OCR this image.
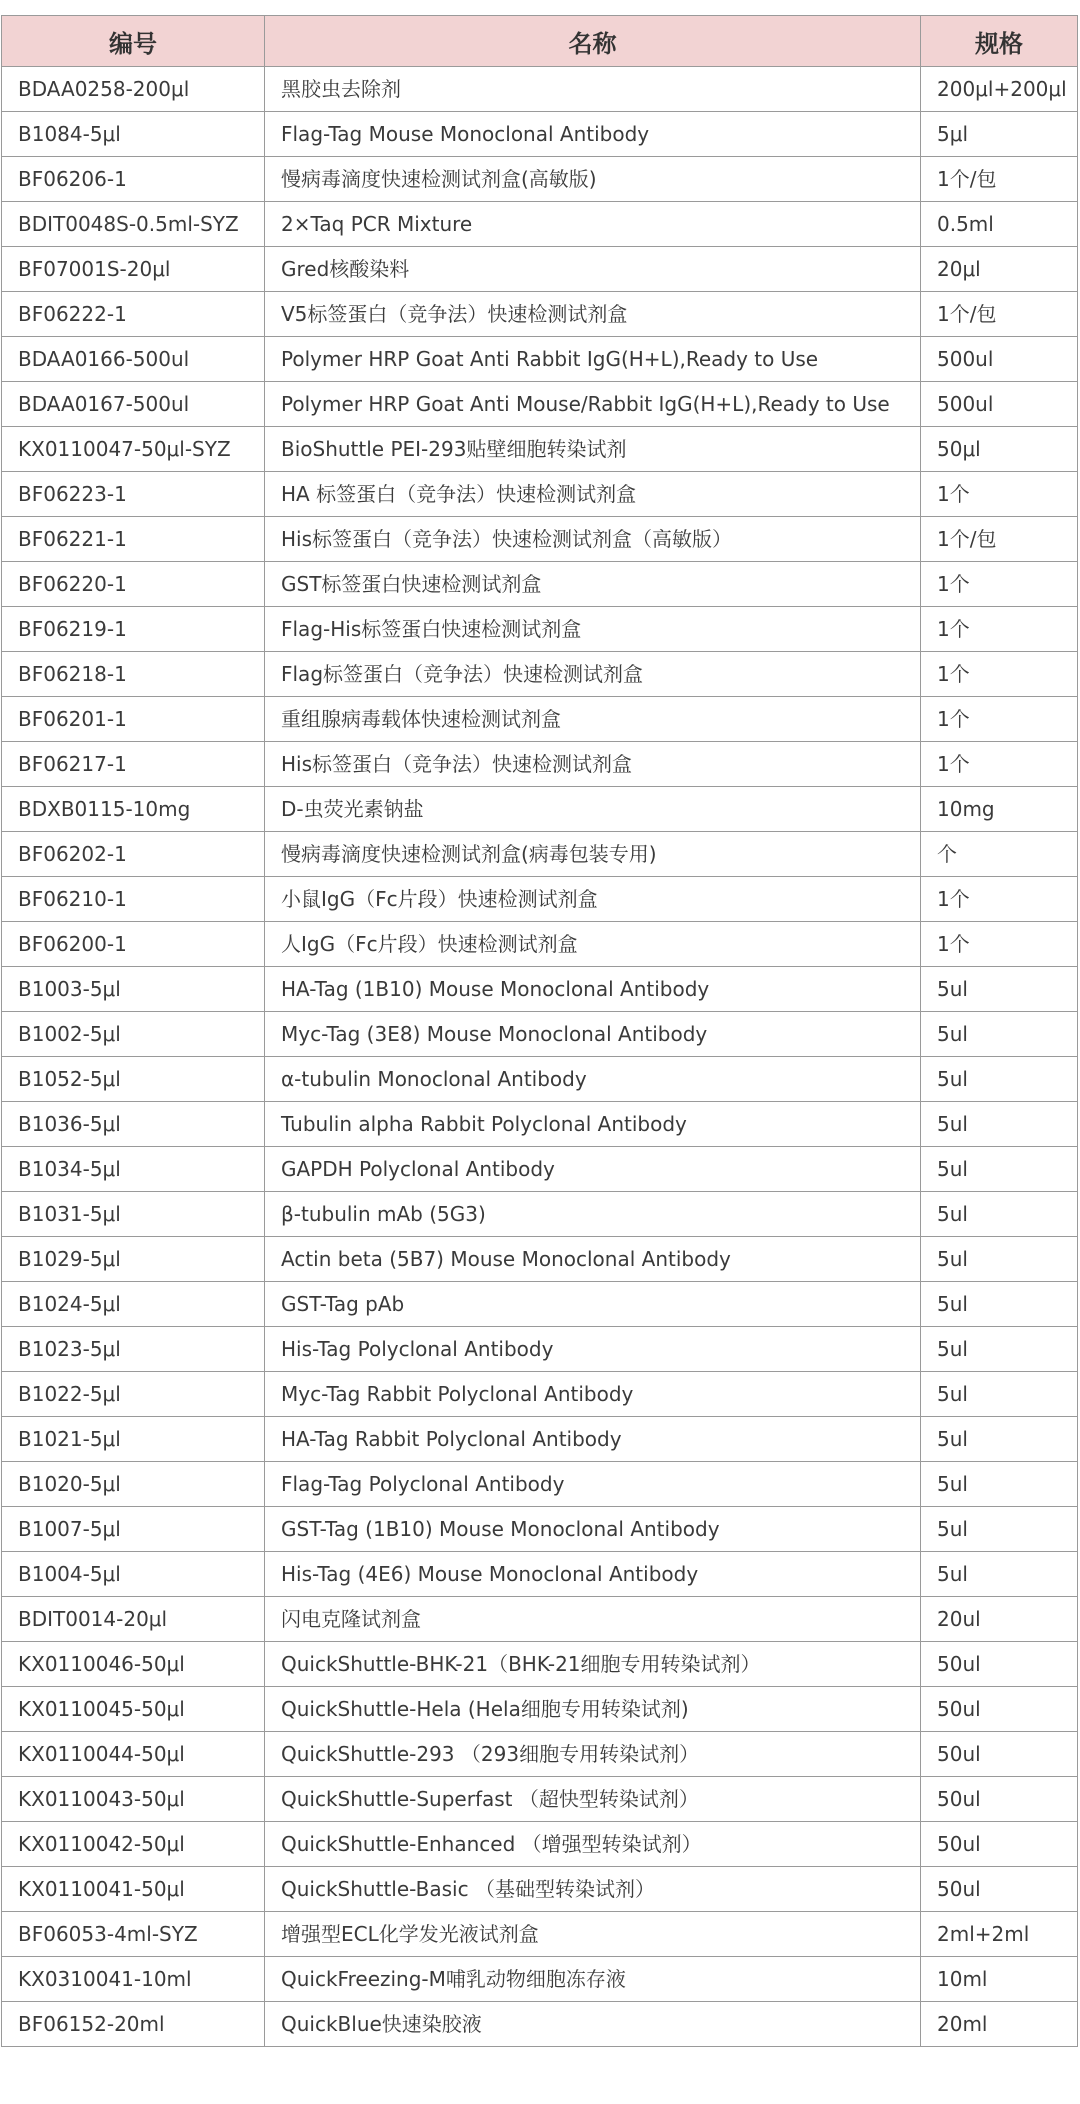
编号	名称	规格
BDAA0258-200μl	黑胶虫去除剂	200μl+200μl
B1084-5μl	Flag-Tag Mouse Monoclonal Antibody	5μl
BF06206-1	慢病毒滴度快速检测试剂盒(高敏版)	1个/包
BDIT0048S-0.5ml-SYZ	2×Taq PCR Mixture	0.5ml
BF07001S-20μl	Gred核酸染料	20μl
BF06222-1	V5标签蛋白（竞争法）快速检测试剂盒	1个/包
BDAA0166-500ul	Polymer HRP Goat Anti Rabbit IgG(H+L),Ready to Use	500ul
BDAA0167-500ul	Polymer HRP Goat Anti Mouse/Rabbit IgG(H+L),Ready to Use	500ul
KX0110047-50μl-SYZ	BioShuttle PEI-293贴壁细胞转染试剂	50μl
BF06223-1	HA 标签蛋白（竞争法）快速检测试剂盒	1个
BF06221-1	His标签蛋白（竞争法）快速检测试剂盒（高敏版）	1个/包
BF06220-1	GST标签蛋白快速检测试剂盒	1个
BF06219-1	Flag-His标签蛋白快速检测试剂盒	1个
BF06218-1	Flag标签蛋白（竞争法）快速检测试剂盒	1个
BF06201-1	重组腺病毒载体快速检测试剂盒	1个
BF06217-1	His标签蛋白（竞争法）快速检测试剂盒	1个
BDXB0115-10mg	D-虫荧光素钠盐	10mg
BF06202-1	慢病毒滴度快速检测试剂盒(病毒包装专用)	个
BF06210-1	小鼠IgG（Fc片段）快速检测试剂盒	1个
BF06200-1	人IgG（Fc片段）快速检测试剂盒	1个
B1003-5μl	HA-Tag (1B10) Mouse Monoclonal Antibody	5ul
B1002-5μl	Myc-Tag (3E8) Mouse Monoclonal Antibody	5ul
B1052-5μl	α-tubulin Monoclonal Antibody	5ul
B1036-5μl	Tubulin alpha Rabbit Polyclonal Antibody	5ul
B1034-5μl	GAPDH Polyclonal Antibody	5ul
B1031-5μl	β-tubulin mAb (5G3)	5ul
B1029-5μl	Actin beta (5B7) Mouse Monoclonal Antibody	5ul
B1024-5μl	GST-Tag pAb	5ul
B1023-5μl	His-Tag Polyclonal Antibody	5ul
B1022-5μl	Myc-Tag Rabbit Polyclonal Antibody	5ul
B1021-5μl	HA-Tag Rabbit Polyclonal Antibody	5ul
B1020-5μl	Flag-Tag Polyclonal Antibody	5ul
B1007-5μl	GST-Tag (1B10) Mouse Monoclonal Antibody	5ul
B1004-5μl	His-Tag (4E6) Mouse Monoclonal Antibody	5ul
BDIT0014-20μl	闪电克隆试剂盒	20ul
KX0110046-50μl	QuickShuttle-BHK-21（BHK-21细胞专用转染试剂）	50ul
KX0110045-50μl	QuickShuttle-Hela (Hela细胞专用转染试剂)	50ul
KX0110044-50μl	QuickShuttle-293 （293细胞专用转染试剂）	50ul
KX0110043-50μl	QuickShuttle-Superfast （超快型转染试剂）	50ul
KX0110042-50μl	QuickShuttle-Enhanced （增强型转染试剂）	50ul
KX0110041-50μl	QuickShuttle-Basic （基础型转染试剂）	50ul
BF06053-4ml-SYZ	增强型ECL化学发光液试剂盒	2ml+2ml
KX0310041-10ml	QuickFreezing-M哺乳动物细胞冻存液	10ml
BF06152-20ml	QuickBlue快速染胶液	20ml
